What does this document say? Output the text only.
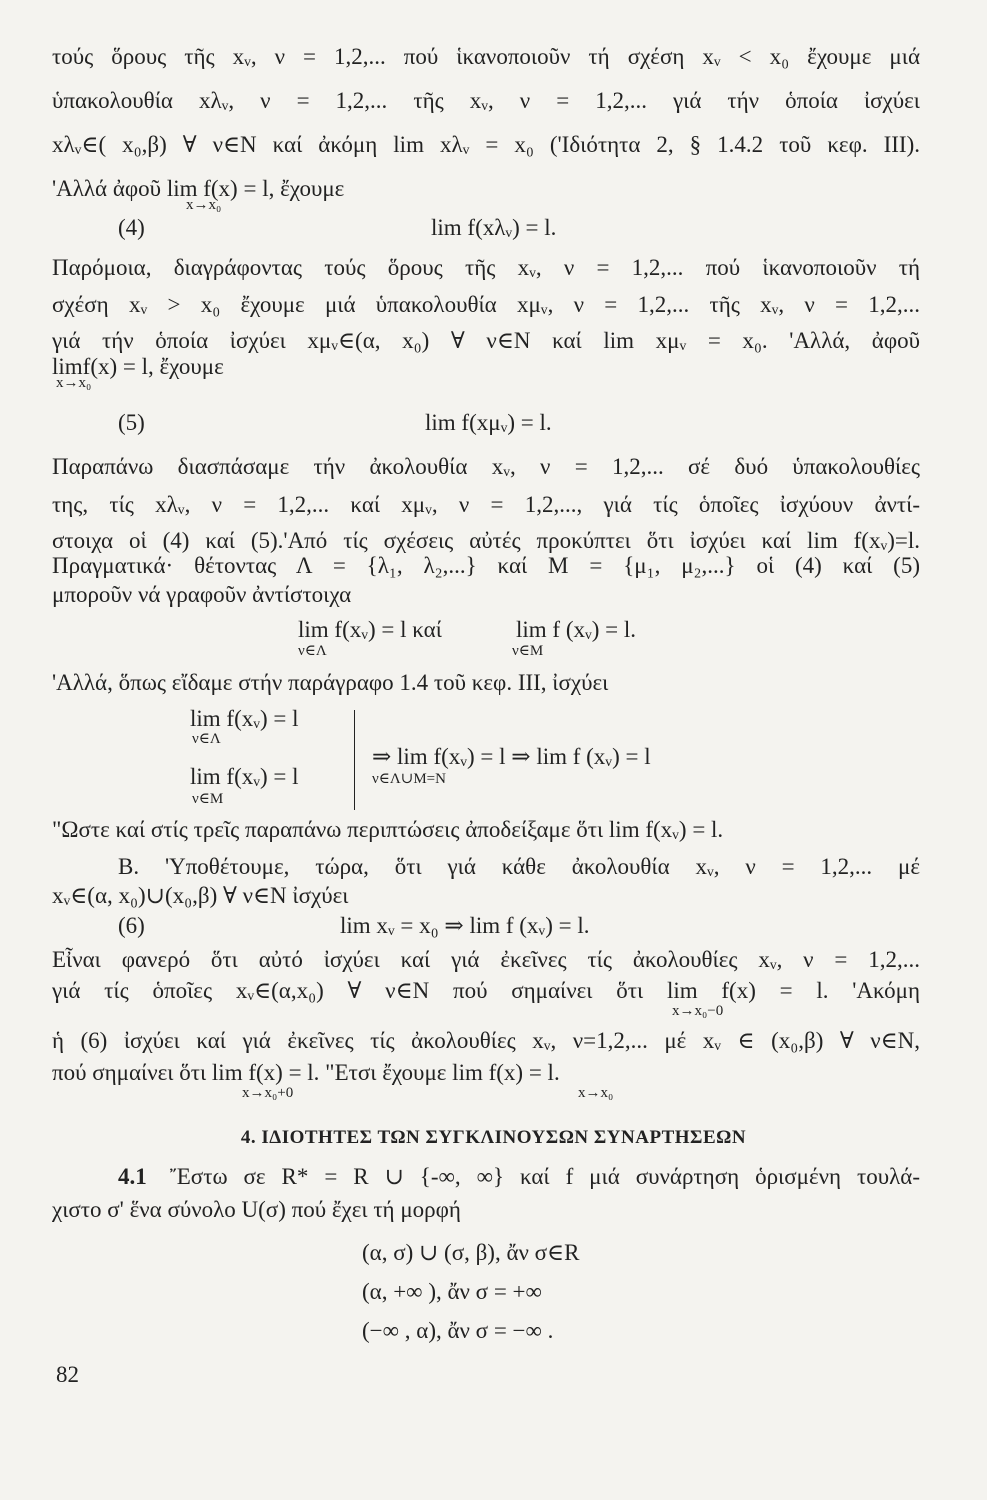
τούς ὅρους τῆς xᵥ, ν = 1,2,... πού ἱκανοποιοῦν τή σχέση xᵥ < x₀ ἔχουμε μιά
ὑπακολουθία xλᵥ, ν = 1,2,... τῆς xᵥ, ν = 1,2,... γιά τήν ὁποία ἰσχύει
xλᵥ∈( x₀,β) ∀ ν∈N καί ἀκόμη lim xλᵥ = x₀ ('Ιδιότητα 2, § 1.4.2 τοῦ κεφ. III).
'Αλλά ἀφοῦ lim f(x) = l, ἔχουμε
x→x₀
(4)	lim f(xλᵥ) = l.
Παρόμοια, διαγράφοντας τούς ὅρους τῆς xᵥ, ν = 1,2,... πού ἱκανοποιοῦν τή
σχέση xᵥ > x₀ ἔχουμε μιά ὑπακολουθία xμᵥ, ν = 1,2,... τῆς xᵥ, ν = 1,2,...
γιά τήν ὁποία ἰσχύει xμᵥ∈(α, x₀) ∀ ν∈N καί lim xμᵥ = x₀. 'Αλλά, ἀφοῦ
limf(x) = l, ἔχουμε
x→x₀
(5)	lim f(xμᵥ) = l.
Παραπάνω διασπάσαμε τήν ἀκολουθία xᵥ, ν = 1,2,... σέ δυό ὑπακολουθίες
της, τίς xλᵥ, ν = 1,2,... καί xμᵥ, ν = 1,2,..., γιά τίς ὁποῖες ἰσχύουν ἀντί-
στοιχα οἱ (4) καί (5).'Από τίς σχέσεις αὐτές προκύπτει ὅτι ἰσχύει καί lim f(xᵥ)=l.
Πραγματικά· θέτοντας Λ = {λ₁, λ₂,...} καί M = {μ₁, μ₂,...} οἱ (4) καί (5)
μποροῦν νά γραφοῦν ἀντίστοιχα
lim f(xᵥ) = l καί	lim f (xᵥ) = l.
ν∈Λ	ν∈M
'Αλλά, ὅπως εἴδαμε στήν παράγραφο 1.4 τοῦ κεφ. III, ἰσχύει
lim f(xᵥ) = l
ν∈Λ
lim f(xᵥ) = l
ν∈M
⇒ lim f(xᵥ) = l ⇒ lim f (xᵥ) = l
ν∈Λ∪M=N
"Ωστε καί στίς τρεῖς παραπάνω περιπτώσεις ἀποδείξαμε ὅτι lim f(xᵥ) = l.
B. 'Υποθέτουμε, τώρα, ὅτι γιά κάθε ἀκολουθία xᵥ, ν = 1,2,... μέ
xᵥ∈(α, x₀)∪(x₀,β) ∀ ν∈N ἰσχύει
(6)	lim xᵥ = x₀ ⇒ lim f (xᵥ) = l.
Εἶναι φανερό ὅτι αὐτό ἰσχύει καί γιά ἐκεῖνες τίς ἀκολουθίες xᵥ, ν = 1,2,...
γιά τίς ὁποῖες xᵥ∈(α,x₀) ∀ ν∈N πού σημαίνει ὅτι lim f(x) = l. 'Ακόμη
x→x₀−0
ἡ (6) ἰσχύει καί γιά ἐκεῖνες τίς ἀκολουθίες xᵥ, ν=1,2,... μέ xᵥ ∈ (x₀,β) ∀ ν∈N,
πού σημαίνει ὅτι lim f(x) = l. "Ετσι ἔχουμε lim f(x) = l.
x→x₀+0	x→x₀
4. ΙΔΙΟΤΗΤΕΣ ΤΩΝ ΣΥΓΚΛΙΝΟΥΣΩΝ ΣΥΝΑΡΤΗΣΕΩΝ
4.1 Ἔστω σε R* = R ∪ {-∞, ∞} καί f μιά συνάρτηση ὁρισμένη τουλά-
χιστο σ' ἕνα σύνολο U(σ) πού ἔχει τή μορφή
(α, σ) ∪ (σ, β), ἄν σ∈R
(α, +∞ ), ἄν σ = +∞
(−∞ , α), ἄν σ = −∞ .
82
